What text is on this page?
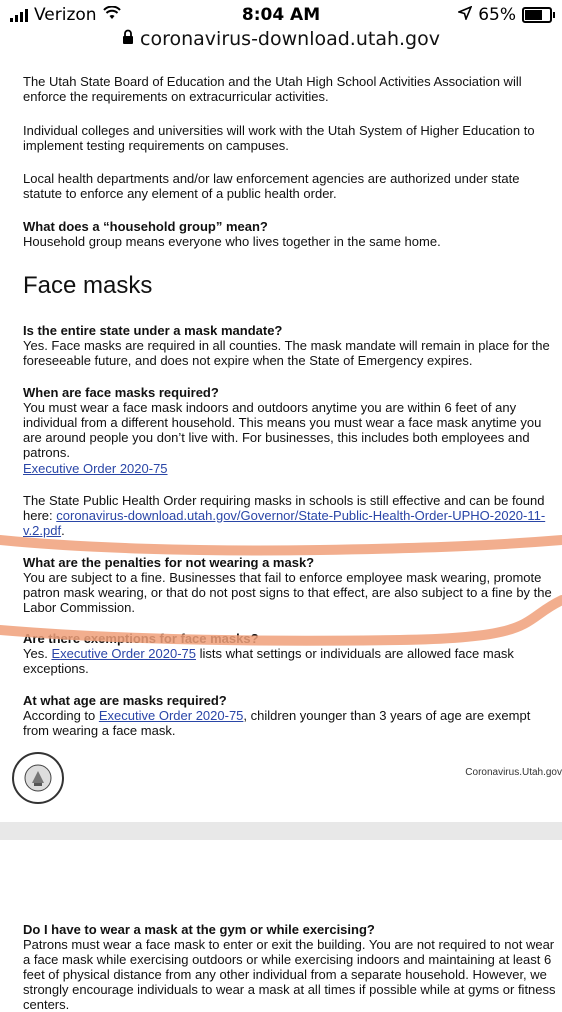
Verizon	8:04 AM	65%
coronavirus-download.utah.gov
The Utah State Board of Education and the Utah High School Activities Association will enforce the requirements on extracurricular activities.
Individual colleges and universities will work with the Utah System of Higher Education to implement testing requirements on campuses.
Local health departments and/or law enforcement agencies are authorized under state statute to enforce any element of a public health order.
What does a “household group” mean?
Household group means everyone who lives together in the same home.
Face masks
Is the entire state under a mask mandate?
Yes. Face masks are required in all counties. The mask mandate will remain in place for the foreseeable future, and does not expire when the State of Emergency expires.
When are face masks required?
You must wear a face mask indoors and outdoors anytime you are within 6 feet of any individual from a different household. This means you must wear a face mask anytime you are around people you don’t live with. For businesses, this includes both employees and patrons.
Executive Order 2020-75
The State Public Health Order requiring masks in schools is still effective and can be found here: coronavirus-download.utah.gov/Governor/State-Public-Health-Order-UPHO-2020-11-v.2.pdf.
What are the penalties for not wearing a mask?
You are subject to a fine. Businesses that fail to enforce employee mask wearing, promote patron mask wearing, or that do not post signs to that effect, are also subject to a fine by the Labor Commission.
Are there exemptions for face masks?
Yes. Executive Order 2020-75 lists what settings or individuals are allowed face mask exceptions.
At what age are masks required?
According to Executive Order 2020-75, children younger than 3 years of age are exempt from wearing a face mask.
Coronavirus.Utah.gov
Do I have to wear a mask at the gym or while exercising?
Patrons must wear a face mask to enter or exit the building. You are not required to not wear a face mask while exercising outdoors or while exercising indoors and maintaining at least 6 feet of physical distance from any other individual from a separate household. However, we strongly encourage individuals to wear a mask at all times if possible while at gyms or fitness centers.
